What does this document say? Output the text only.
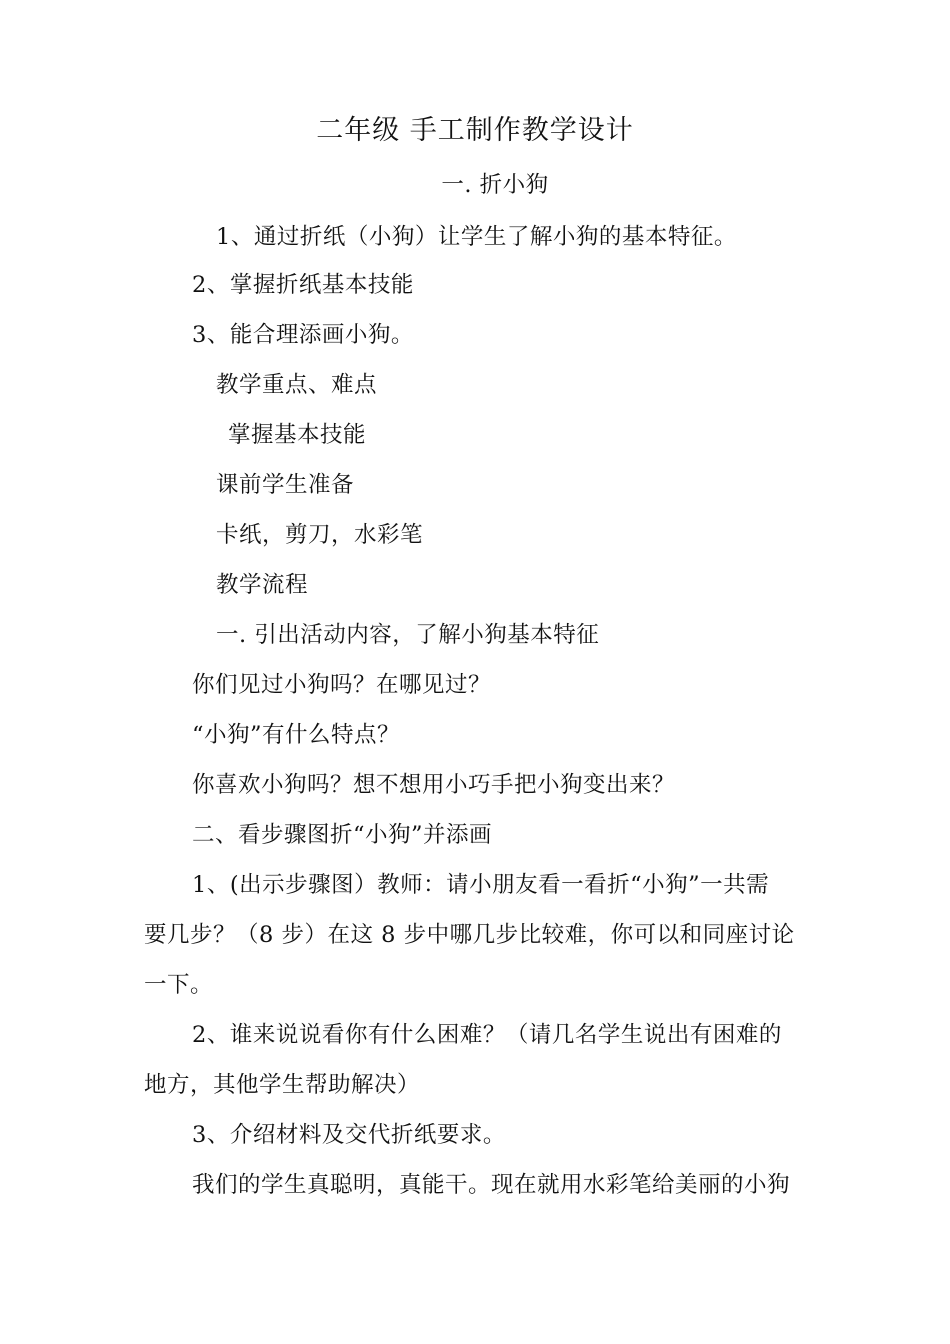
二年级 手工制作教学设计
一. 折小狗
1、通过折纸（小狗）让学生了解小狗的基本特征。
2、掌握折纸基本技能
3、能合理添画小狗。
教学重点、难点
掌握基本技能
课前学生准备
卡纸，剪刀，水彩笔
教学流程
一. 引出活动内容，了解小狗基本特征
你们见过小狗吗？在哪见过？
“小狗”有什么特点？
你喜欢小狗吗？想不想用小巧手把小狗变出来？
二、看步骤图折“小狗”并添画
1、(出示步骤图）教师：请小朋友看一看折“小狗”一共需
要几步？（8 步）在这 8 步中哪几步比较难，你可以和同座讨论
一下。
2、谁来说说看你有什么困难？（请几名学生说出有困难的
地方，其他学生帮助解决）
3、介绍材料及交代折纸要求。
我们的学生真聪明，真能干。现在就用水彩笔给美丽的小狗
